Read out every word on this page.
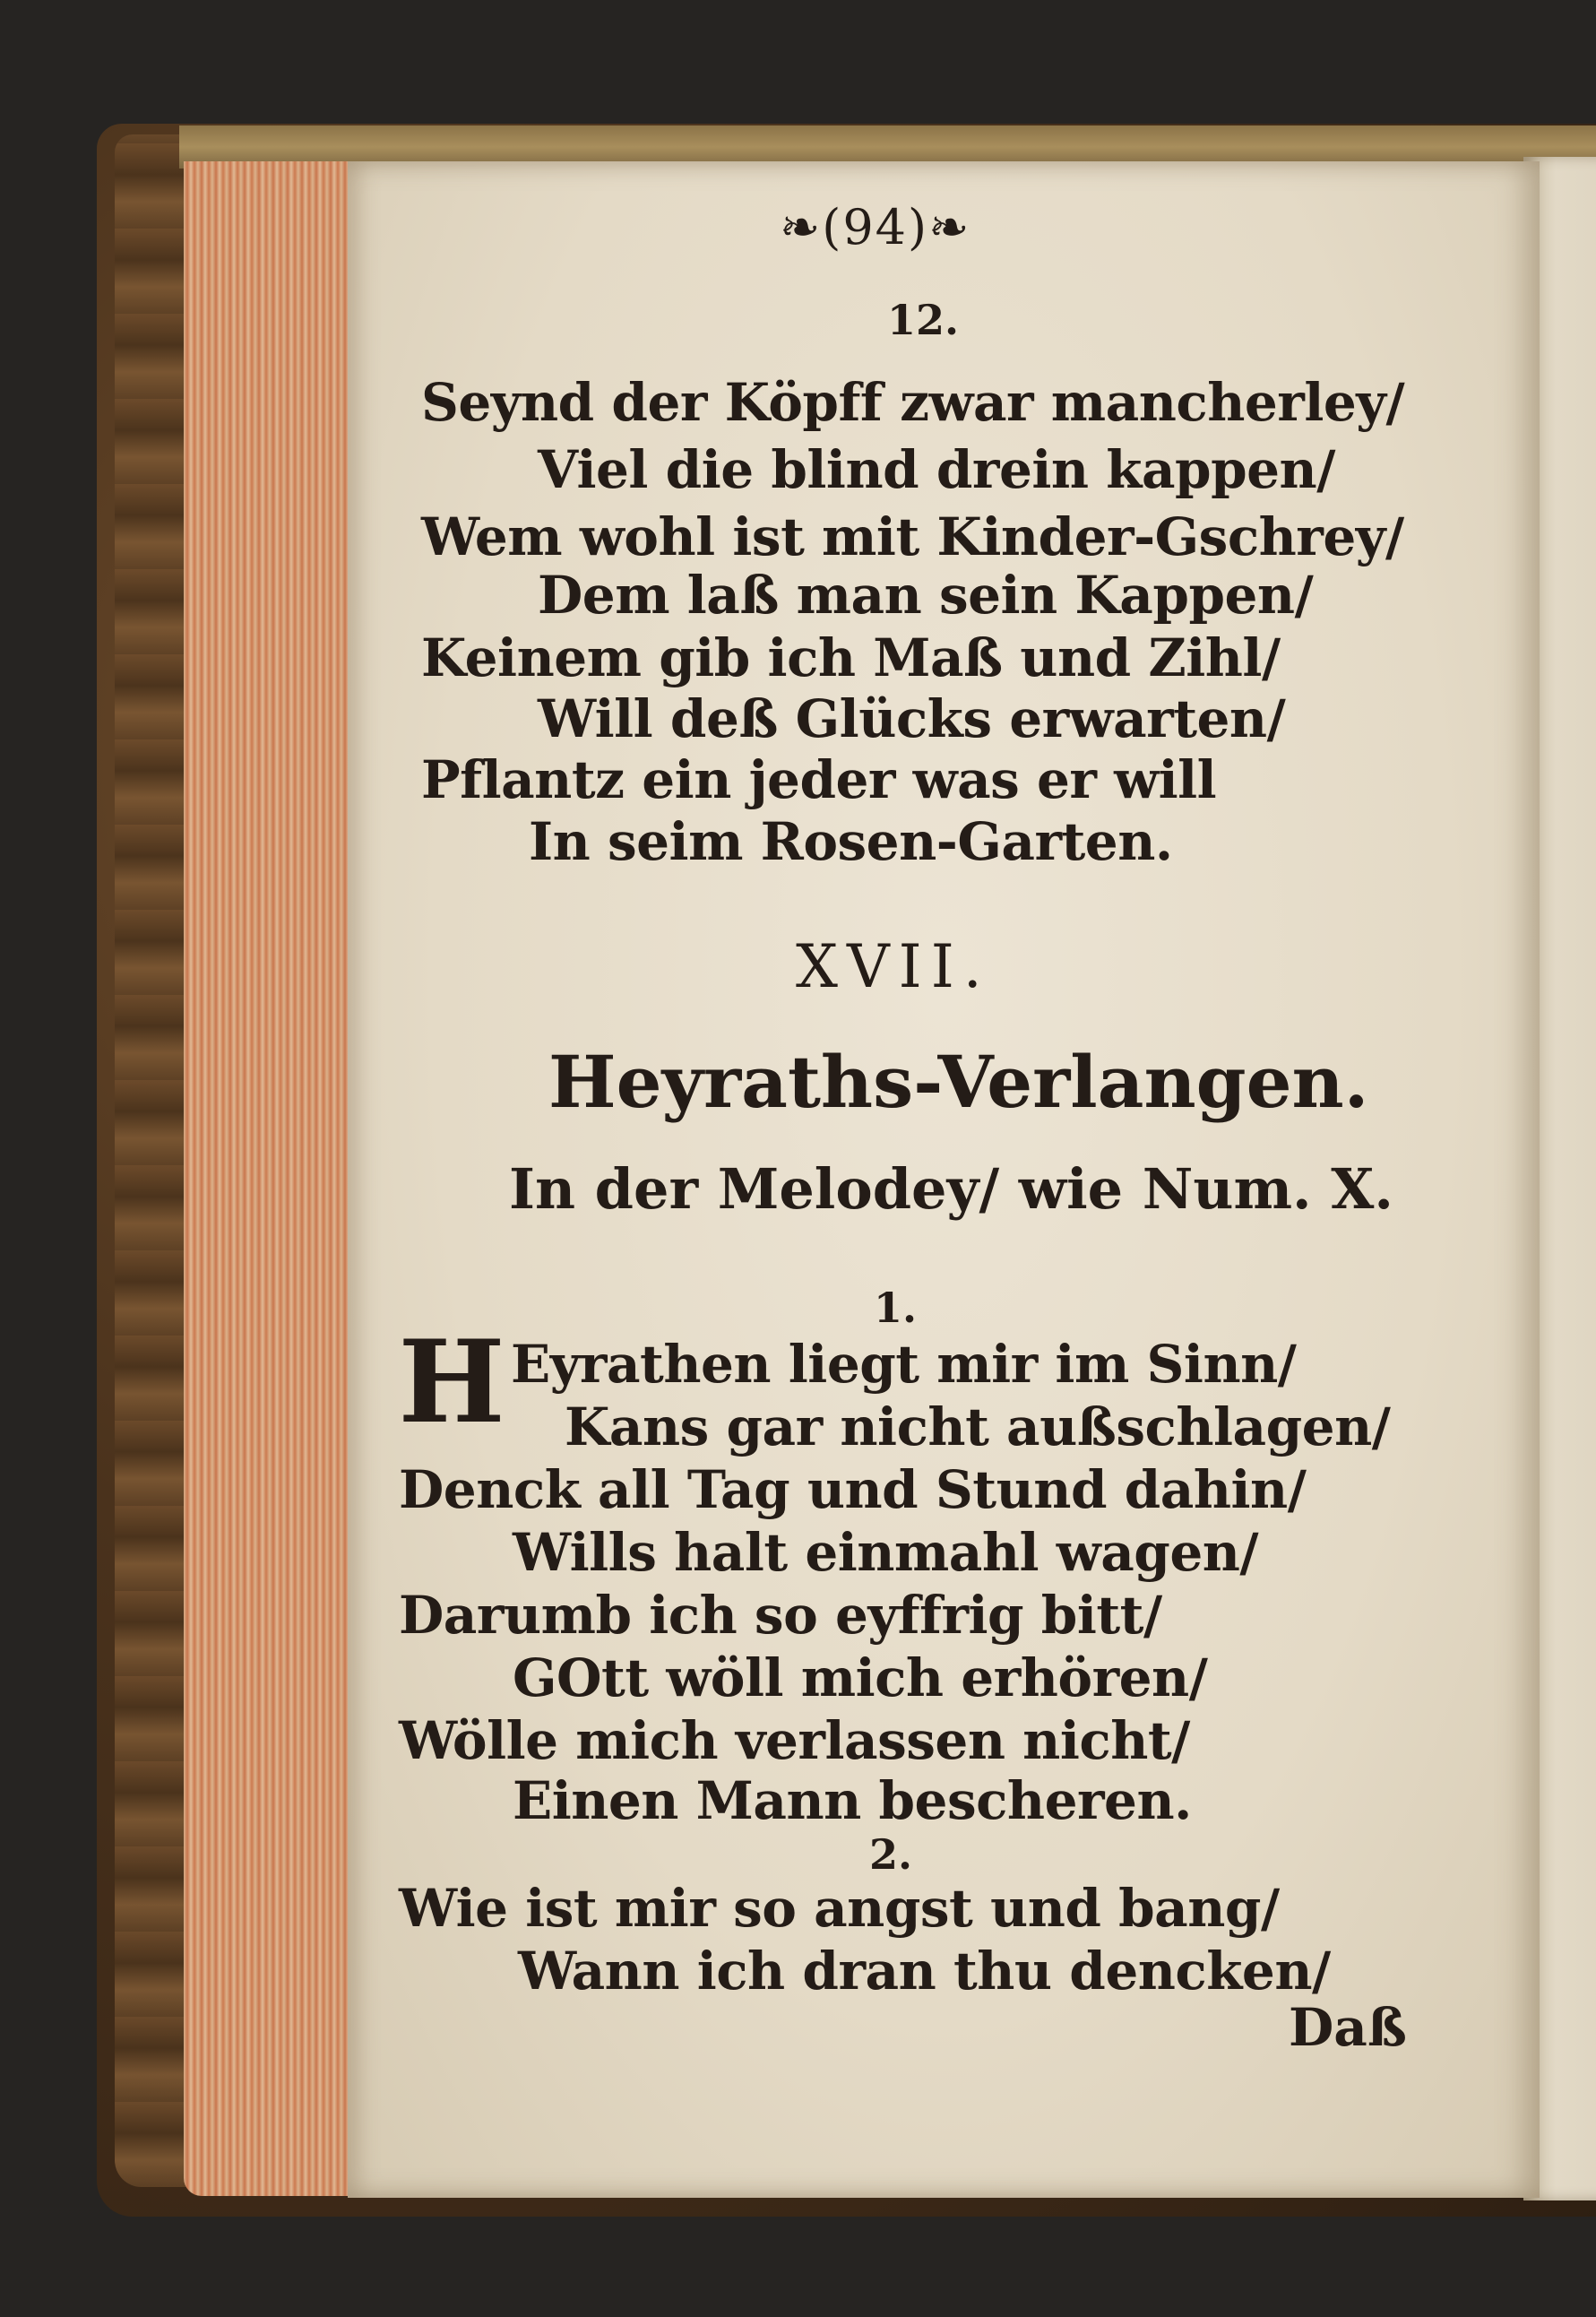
❧(94)❧
12.
Seynd der Köpff zwar mancherley/
Viel die blind drein kappen/
Wem wohl ist mit Kinder-Gschrey/
Dem laß man sein Kappen/
Keinem gib ich Maß und Zihl/
Will deß Glücks erwarten/
Pflantz ein jeder was er will
In seim Rosen-Garten.
XVII.
Heyraths-Verlangen.
In der Melodey/ wie Num. X.
1.
H Eyrathen liegt mir im Sinn/
Kans gar nicht außschlagen/
Denck all Tag und Stund dahin/
Wills halt einmahl wagen/
Darumb ich so eyffrig bitt/
GOtt wöll mich erhören/
Wölle mich verlassen nicht/
Einen Mann bescheren.
2.
Wie ist mir so angst und bang/
Wann ich dran thu dencken/
Daß
